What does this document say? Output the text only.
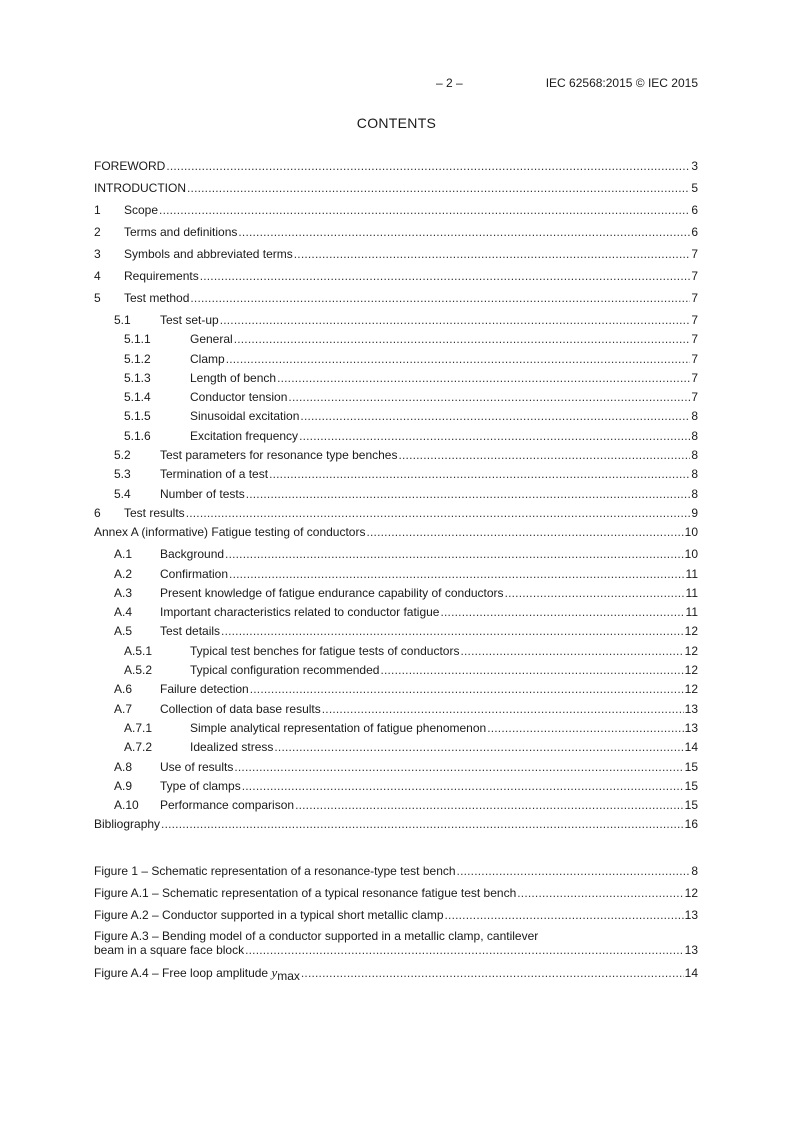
– 2 –	IEC 62568:2015 © IEC 2015
CONTENTS
FOREWORD .....	3
INTRODUCTION .....	5
1 Scope .....	6
2 Terms and definitions .....	6
3 Symbols and abbreviated terms .....	7
4 Requirements .....	7
5 Test method .....	7
5.1 Test set-up .....	7
5.1.1	General .....	7
5.1.2	Clamp .....	7
5.1.3	Length of bench .....	7
5.1.4	Conductor tension .....	7
5.1.5	Sinusoidal excitation .....	8
5.1.6	Excitation frequency .....	8
5.2 Test parameters for resonance type benches .....	8
5.3 Termination of a test .....	8
5.4 Number of tests .....	8
6 Test results .....	9
Annex A (informative) Fatigue testing of conductors .....	10
A.1 Background .....	10
A.2 Confirmation .....	11
A.3 Present knowledge of fatigue endurance capability of conductors .....	11
A.4 Important characteristics related to conductor fatigue .....	11
A.5 Test details .....	12
A.5.1	Typical test benches for fatigue tests of conductors .....	12
A.5.2	Typical configuration recommended .....	12
A.6 Failure detection .....	12
A.7 Collection of data base results .....	13
A.7.1	Simple analytical representation of fatigue phenomenon .....	13
A.7.2	Idealized stress .....	14
A.8 Use of results .....	15
A.9 Type of clamps .....	15
A.10 Performance comparison .....	15
Bibliography .....	16
Figure 1 – Schematic representation of a resonance-type test bench .....	8
Figure A.1 – Schematic representation of a typical resonance fatigue test bench .....	12
Figure A.2 – Conductor supported in a typical short metallic clamp .....	13
Figure A.3 – Bending model of a conductor supported in a metallic clamp, cantilever
beam in a square face block .....	13
Figure A.4 – Free loop amplitude ymax .....	14
